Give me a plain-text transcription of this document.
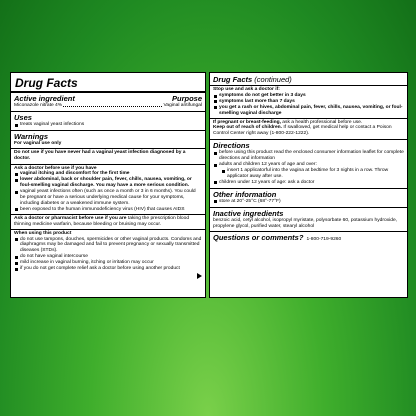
Drug Facts
Active ingredient	Purpose
Miconazole nitrate 4%	Vaginal antifungal
Uses
treats vaginal yeast infections
Warnings
For vaginal use only
Do not use if you have never had a vaginal yeast infection diagnosed by a doctor.
Ask a doctor before use if you have
vaginal itching and discomfort for the first time
lower abdominal, back or shoulder pain, fever, chills, nausea, vomiting, or foul-smelling vaginal discharge. You may have a more serious condition.
vaginal yeast infections often (such as once a month or 3 in 6 months). You could be pregnant or have a serious underlying medical cause for your symptoms, including diabetes or a weakened immune system.
been exposed to the human immunodeficiency virus (HIV) that causes AIDS
Ask a doctor or pharmacist before use if you are taking the prescription blood thinning medicine warfarin, because bleeding or bruising may occur.
When using this product
do not use tampons, douches, spermicides or other vaginal products. Condoms and diaphragms may be damaged and fail to prevent pregnancy or sexually transmitted diseases (STDs).
do not have vaginal intercourse
mild increase in vaginal burning, itching or irritation may occur
if you do not get complete relief ask a doctor before using another product
Drug Facts (continued)
Stop use and ask a doctor if:
symptoms do not get better in 3 days
symptoms last more than 7 days
you get a rash or hives, abdominal pain, fever, chills, nausea, vomiting, or foul-smelling vaginal discharge
If pregnant or breast-feeding, ask a health professional before use.
Keep out of reach of children. If swallowed, get medical help or contact a Poison Control Center right away (1-800-222-1222).
Directions
before using this product read the enclosed consumer information leaflet for complete directions and information
adults and children 12 years of age and over:
insert 1 applicatorful into the vagina at bedtime for 3 nights in a row. Throw applicator away after use.
children under 12 years of age: ask a doctor
Other information
store at 20°-25°C (68°-77°F)
Inactive ingredients
benzoic acid, cetyl alcohol, isopropyl myristate, polysorbate 60, potassium hydroxide, propylene glycol, purified water, stearyl alcohol
Questions or comments? 1-800-719-9260
